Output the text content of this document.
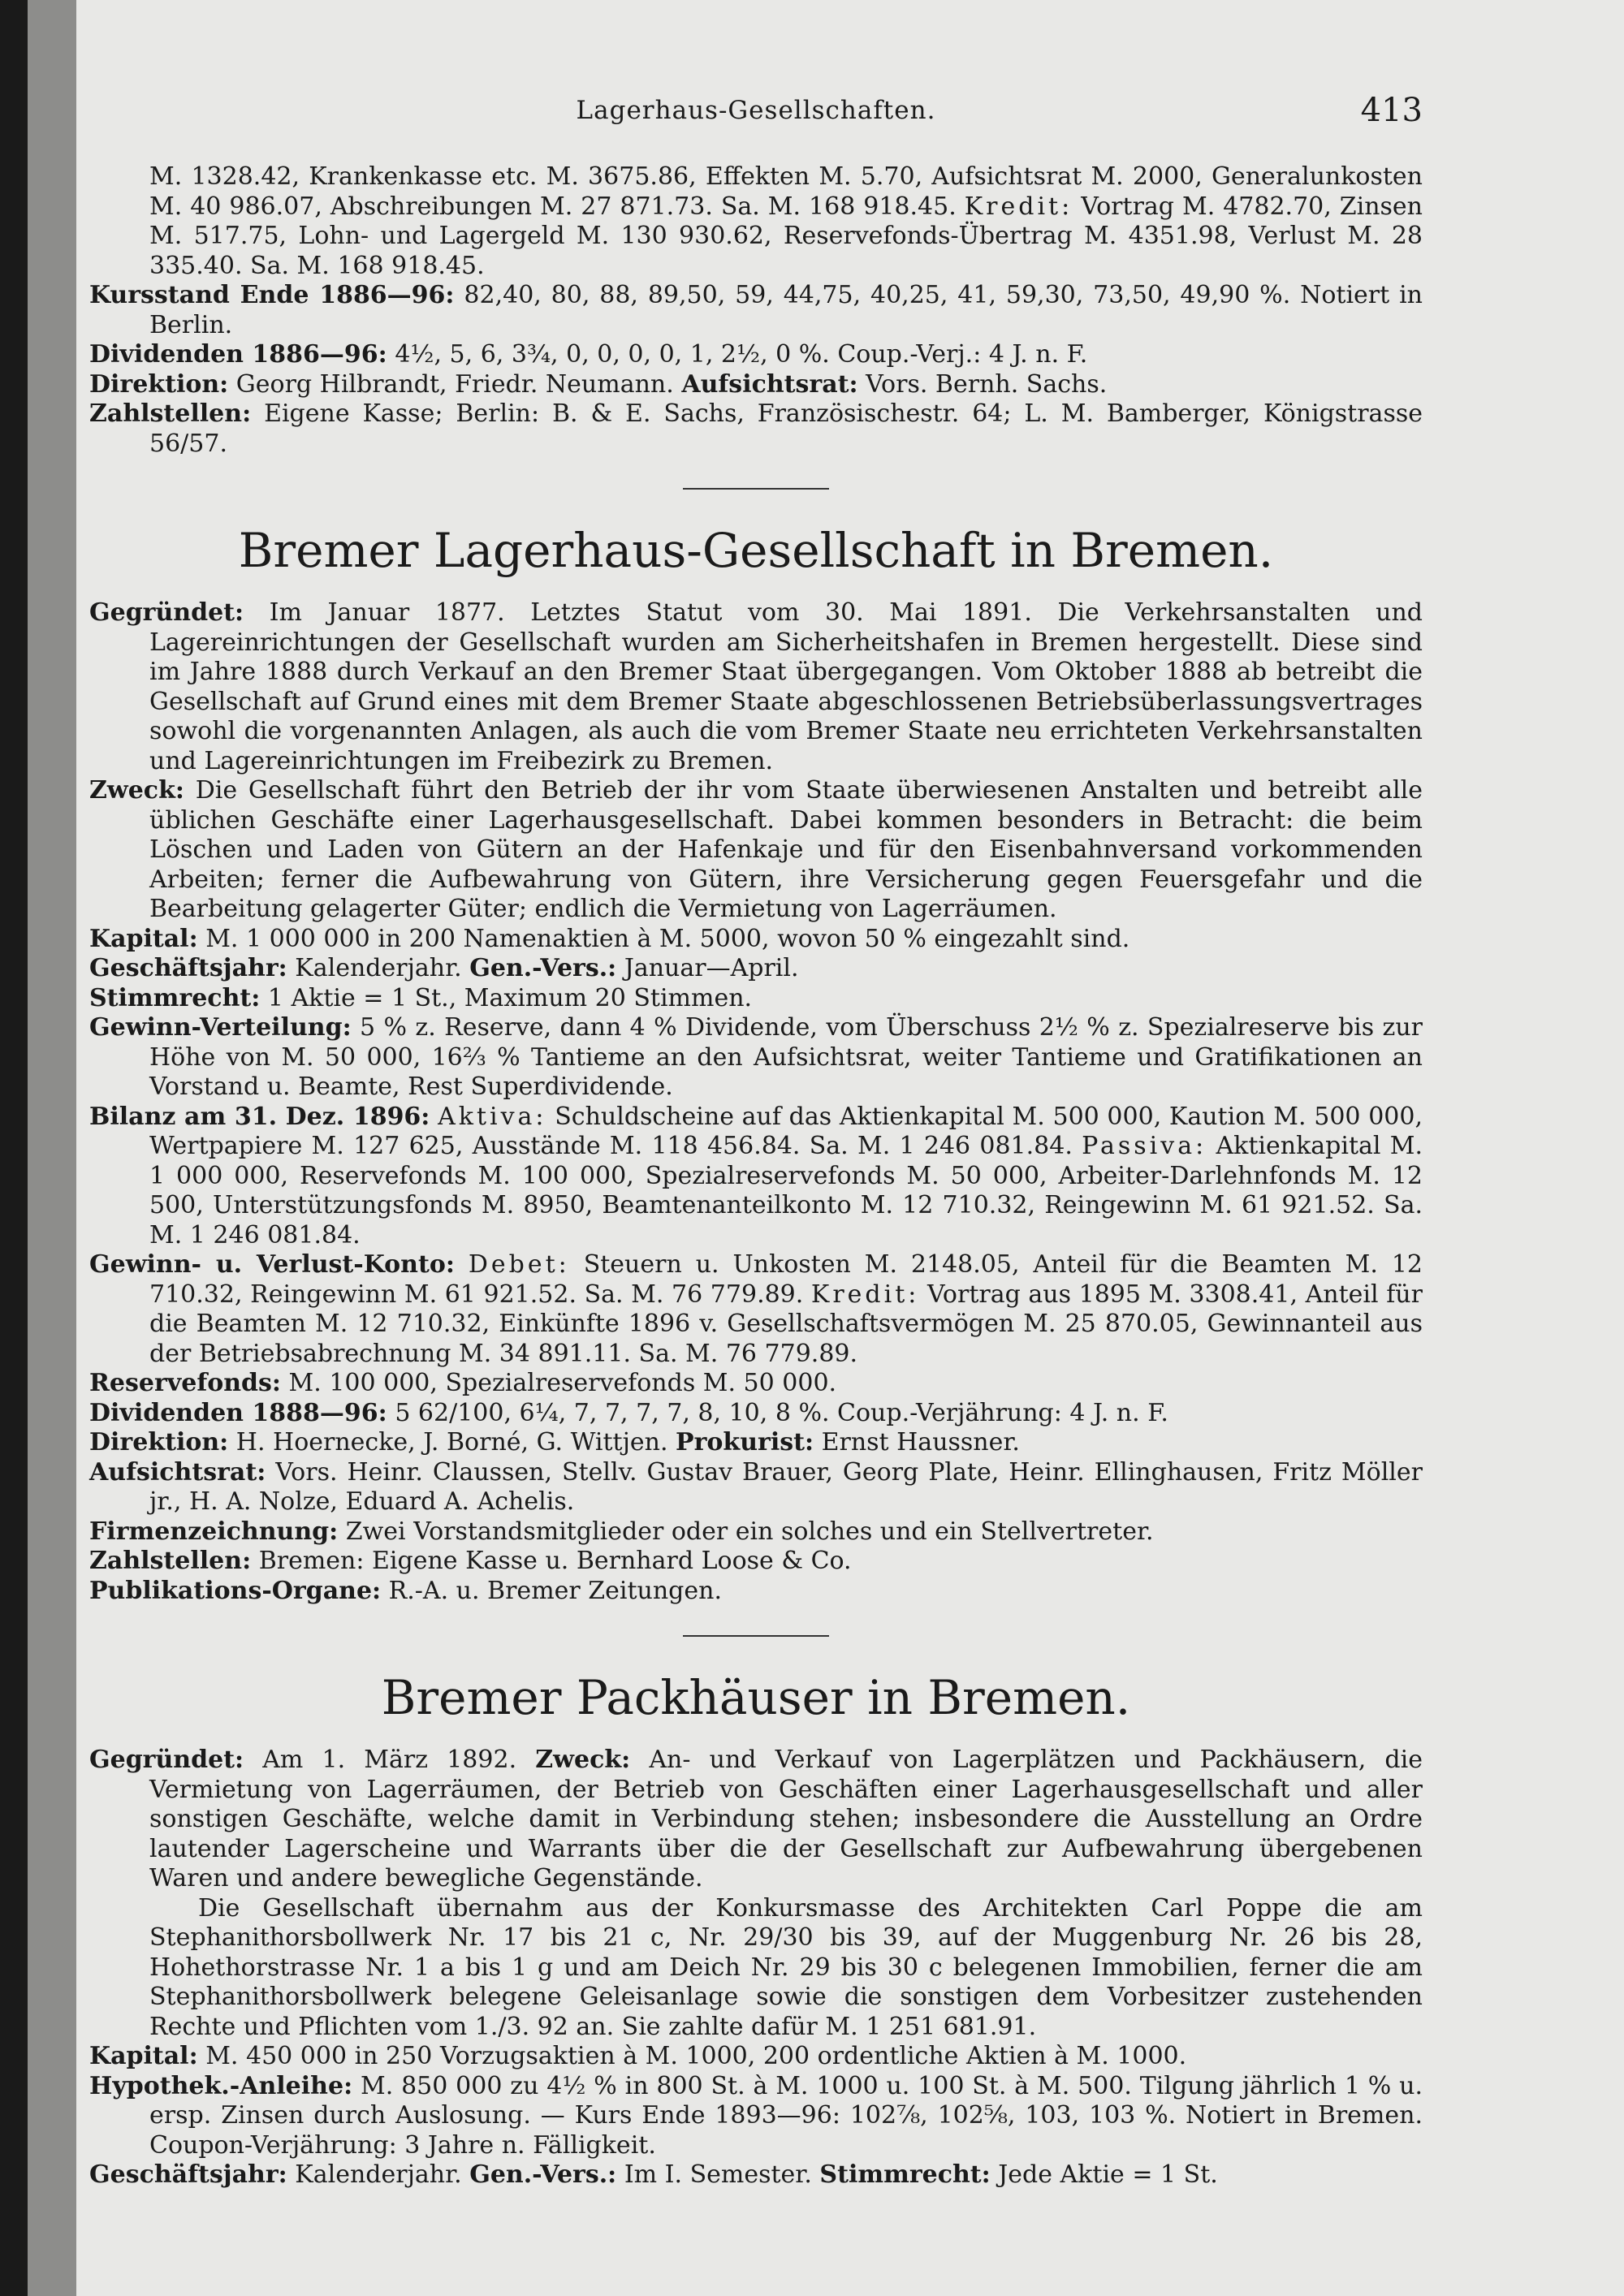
Lagerhaus-Gesellschaften.	413

M. 1328.42, Krankenkasse etc. M. 3675.86, Effekten M. 5.70, Aufsichtsrat M. 2000, Generalunkosten M. 40 986.07, Abschreibungen M. 27 871.73. Sa. M. 168 918.45. Kredit: Vortrag M. 4782.70, Zinsen M. 517.75, Lohn- und Lagergeld M. 130 930.62, Reservefonds-Übertrag M. 4351.98, Verlust M. 28 335.40. Sa. M. 168 918.45.

Kursstand Ende 1886—96: 82,40, 80, 88, 89,50, 59, 44,75, 40,25, 41, 59,30, 73,50, 49,90 %. Notiert in Berlin.

Dividenden 1886—96: 4½, 5, 6, 3¾, 0, 0, 0, 0, 1, 2½, 0 %. Coup.-Verj.: 4 J. n. F.

Direktion: Georg Hilbrandt, Friedr. Neumann. Aufsichtsrat: Vors. Bernh. Sachs.

Zahlstellen: Eigene Kasse; Berlin: B. & E. Sachs, Französischestr. 64; L. M. Bamberger, Königstrasse 56/57.

Bremer Lagerhaus-Gesellschaft in Bremen.

Gegründet: Im Januar 1877. Letztes Statut vom 30. Mai 1891. Die Verkehrsanstalten und Lagereinrichtungen der Gesellschaft wurden am Sicherheitshafen in Bremen hergestellt. Diese sind im Jahre 1888 durch Verkauf an den Bremer Staat übergegangen. Vom Oktober 1888 ab betreibt die Gesellschaft auf Grund eines mit dem Bremer Staate abgeschlossenen Betriebsüberlassungsvertrages sowohl die vorgenannten Anlagen, als auch die vom Bremer Staate neu errichteten Verkehrsanstalten und Lagereinrichtungen im Freibezirk zu Bremen.

Zweck: Die Gesellschaft führt den Betrieb der ihr vom Staate überwiesenen Anstalten und betreibt alle üblichen Geschäfte einer Lagerhausgesellschaft. Dabei kommen besonders in Betracht: die beim Löschen und Laden von Gütern an der Hafenkaje und für den Eisenbahnversand vorkommenden Arbeiten; ferner die Aufbewahrung von Gütern, ihre Versicherung gegen Feuersgefahr und die Bearbeitung gelagerter Güter; endlich die Vermietung von Lagerräumen.

Kapital: M. 1 000 000 in 200 Namenaktien à M. 5000, wovon 50 % eingezahlt sind.

Geschäftsjahr: Kalenderjahr. Gen.-Vers.: Januar—April.

Stimmrecht: 1 Aktie = 1 St., Maximum 20 Stimmen.

Gewinn-Verteilung: 5 % z. Reserve, dann 4 % Dividende, vom Überschuss 2½ % z. Spezialreserve bis zur Höhe von M. 50 000, 16⅔ % Tantieme an den Aufsichtsrat, weiter Tantieme und Gratifikationen an Vorstand u. Beamte, Rest Superdividende.

Bilanz am 31. Dez. 1896: Aktiva: Schuldscheine auf das Aktienkapital M. 500 000, Kaution M. 500 000, Wertpapiere M. 127 625, Ausstände M. 118 456.84. Sa. M. 1 246 081.84. Passiva: Aktienkapital M. 1 000 000, Reservefonds M. 100 000, Spezialreservefonds M. 50 000, Arbeiter-Darlehnfonds M. 12 500, Unterstützungsfonds M. 8950, Beamtenanteilkonto M. 12 710.32, Reingewinn M. 61 921.52. Sa. M. 1 246 081.84.

Gewinn- u. Verlust-Konto: Debet: Steuern u. Unkosten M. 2148.05, Anteil für die Beamten M. 12 710.32, Reingewinn M. 61 921.52. Sa. M. 76 779.89. Kredit: Vortrag aus 1895 M. 3308.41, Anteil für die Beamten M. 12 710.32, Einkünfte 1896 v. Gesellschaftsvermögen M. 25 870.05, Gewinnanteil aus der Betriebsabrechnung M. 34 891.11. Sa. M. 76 779.89.

Reservefonds: M. 100 000, Spezialreservefonds M. 50 000.

Dividenden 1888—96: 5 62/100, 6¼, 7, 7, 7, 7, 8, 10, 8 %. Coup.-Verjährung: 4 J. n. F.

Direktion: H. Hoernecke, J. Borné, G. Wittjen. Prokurist: Ernst Haussner.

Aufsichtsrat: Vors. Heinr. Claussen, Stellv. Gustav Brauer, Georg Plate, Heinr. Ellinghausen, Fritz Möller jr., H. A. Nolze, Eduard A. Achelis.

Firmenzeichnung: Zwei Vorstandsmitglieder oder ein solches und ein Stellvertreter.

Zahlstellen: Bremen: Eigene Kasse u. Bernhard Loose & Co.

Publikations-Organe: R.-A. u. Bremer Zeitungen.

Bremer Packhäuser in Bremen.

Gegründet: Am 1. März 1892. Zweck: An- und Verkauf von Lagerplätzen und Packhäusern, die Vermietung von Lagerräumen, der Betrieb von Geschäften einer Lagerhausgesellschaft und aller sonstigen Geschäfte, welche damit in Verbindung stehen; insbesondere die Ausstellung an Ordre lautender Lagerscheine und Warrants über die der Gesellschaft zur Aufbewahrung übergebenen Waren und andere bewegliche Gegenstände.

Die Gesellschaft übernahm aus der Konkursmasse des Architekten Carl Poppe die am Stephanithorsbollwerk Nr. 17 bis 21 c, Nr. 29/30 bis 39, auf der Muggenburg Nr. 26 bis 28, Hohethorstrasse Nr. 1 a bis 1 g und am Deich Nr. 29 bis 30 c belegenen Immobilien, ferner die am Stephanithorsbollwerk belegene Geleisanlage sowie die sonstigen dem Vorbesitzer zustehenden Rechte und Pflichten vom 1./3. 92 an. Sie zahlte dafür M. 1 251 681.91.

Kapital: M. 450 000 in 250 Vorzugsaktien à M. 1000, 200 ordentliche Aktien à M. 1000.

Hypothek.-Anleihe: M. 850 000 zu 4½ % in 800 St. à M. 1000 u. 100 St. à M. 500. Tilgung jährlich 1 % u. ersp. Zinsen durch Auslosung. — Kurs Ende 1893—96: 102⅞, 102⅝, 103, 103 %. Notiert in Bremen. Coupon-Verjährung: 3 Jahre n. Fälligkeit.

Geschäftsjahr: Kalenderjahr. Gen.-Vers.: Im I. Semester. Stimmrecht: Jede Aktie = 1 St.
